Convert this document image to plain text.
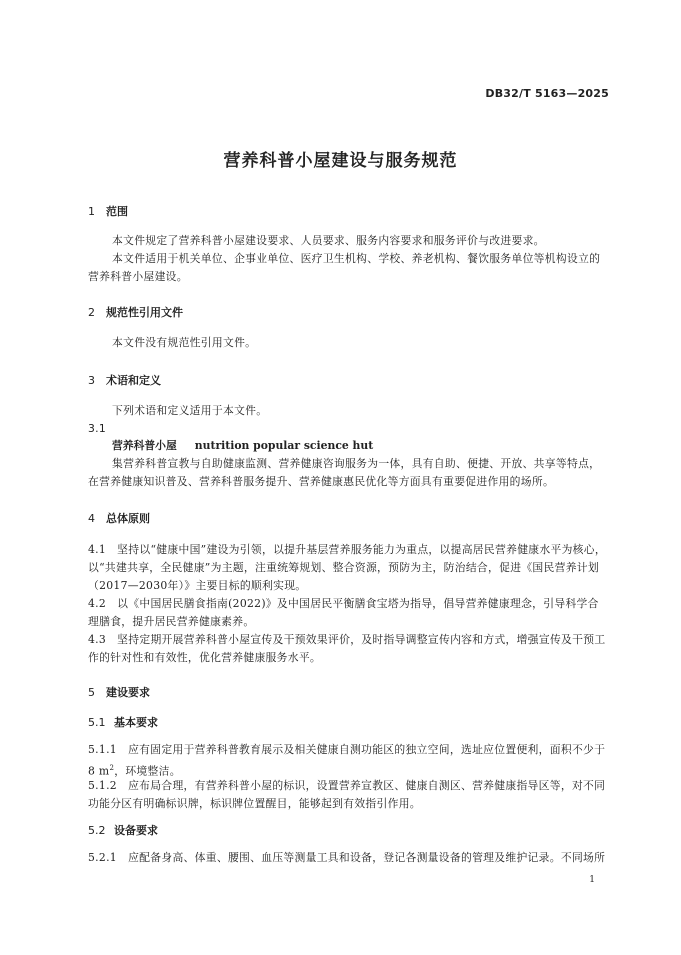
DB32/T 5163—2025
营养科普小屋建设与服务规范
1 范围
本文件规定了营养科普小屋建设要求、人员要求、服务内容要求和服务评价与改进要求。
本文件适用于机关单位、企事业单位、医疗卫生机构、学校、养老机构、餐饮服务单位等机构设立的营养科普小屋建设。
2 规范性引用文件
本文件没有规范性引用文件。
3 术语和定义
下列术语和定义适用于本文件。
3.1
营养科普小屋 nutrition popular science hut
集营养科普宣教与自助健康监测、营养健康咨询服务为一体，具有自助、便捷、开放、共享等特点，在营养健康知识普及、营养科普服务提升、营养健康惠民优化等方面具有重要促进作用的场所。
4 总体原则
4.1　坚持以“健康中国”建设为引领，以提升基层营养服务能力为重点，以提高居民营养健康水平为核心，以“共建共享，全民健康”为主题，注重统筹规划、整合资源，预防为主，防治结合，促进《国民营养计划（2017—2030年）》主要目标的顺利实现。
4.2　以《中国居民膳食指南(2022)》及中国居民平衡膳食宝塔为指导，倡导营养健康理念，引导科学合理膳食，提升居民营养健康素养。
4.3　坚持定期开展营养科普小屋宣传及干预效果评价，及时指导调整宣传内容和方式，增强宣传及干预工作的针对性和有效性，优化营养健康服务水平。
5 建设要求
5.1 基本要求
5.1.1　应有固定用于营养科普教育展示及相关健康自测功能区的独立空间，选址应位置便利，面积不少于8 $m^2$，环境整洁。
5.1.2　应布局合理，有营养科普小屋的标识，设置营养宣教区、健康自测区、营养健康指导区等，对不同功能分区有明确标识牌，标识牌位置醒目，能够起到有效指引作用。
5.2 设备要求
5.2.1　应配备身高、体重、腰围、血压等测量工具和设备，登记各测量设备的管理及维护记录。不同场所
1
